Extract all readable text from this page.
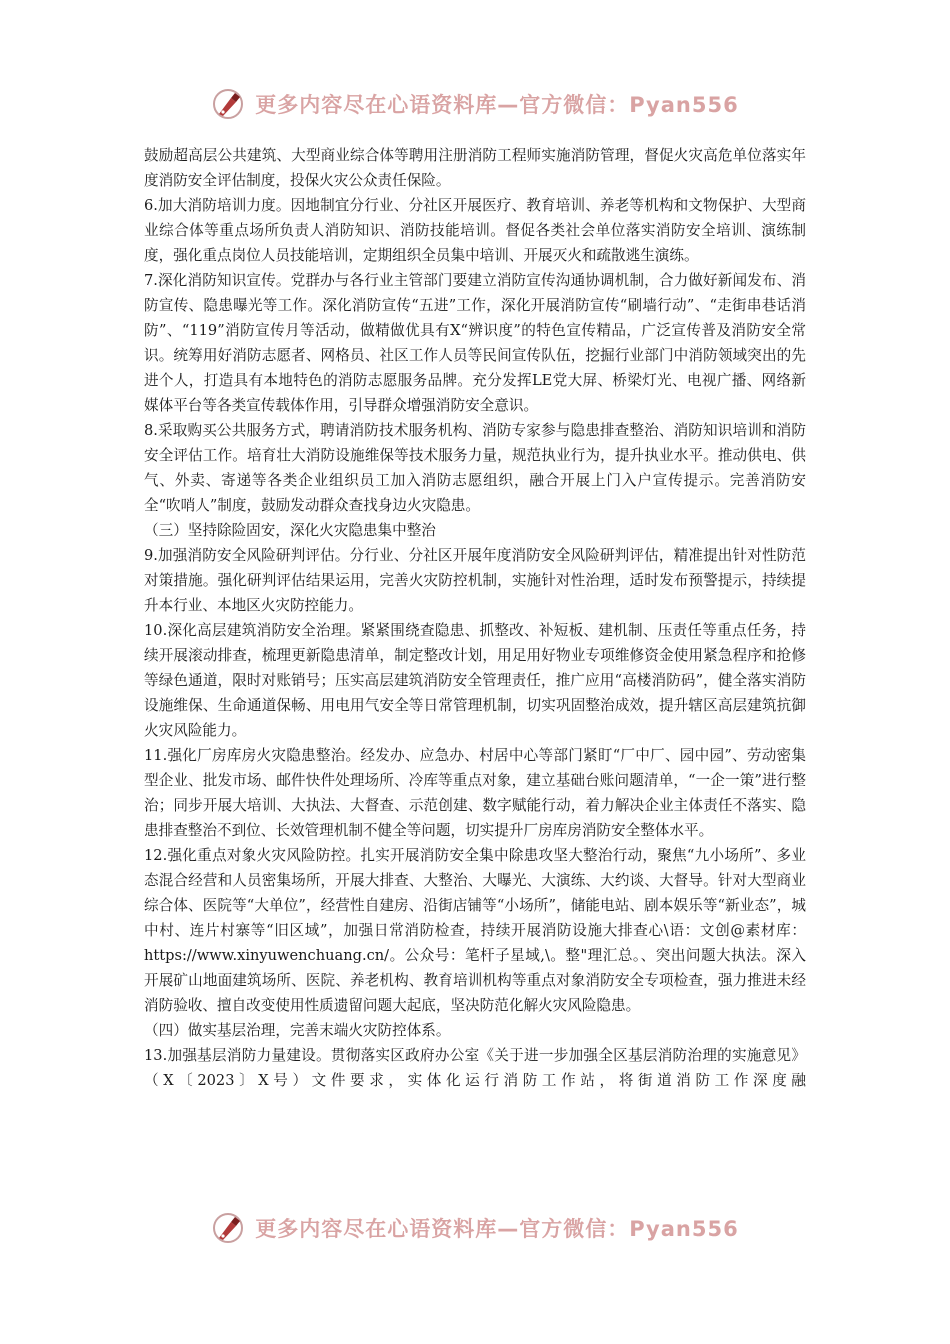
更多内容尽在心语资料库—官方微信：Pyan556

鼓励超高层公共建筑、大型商业综合体等聘用注册消防工程师实施消防管理，督促火灾高危单位落实年度消防安全评估制度，投保火灾公众责任保险。

6.加大消防培训力度。因地制宜分行业、分社区开展医疗、教育培训、养老等机构和文物保护、大型商业综合体等重点场所负责人消防知识、消防技能培训。督促各类社会单位落实消防安全培训、演练制度，强化重点岗位人员技能培训，定期组织全员集中培训、开展灭火和疏散逃生演练。

7.深化消防知识宣传。党群办与各行业主管部门要建立消防宣传沟通协调机制，合力做好新闻发布、消防宣传、隐患曝光等工作。深化消防宣传“五进”工作，深化开展消防宣传“刷墙行动”、“走街串巷话消防”、“119”消防宣传月等活动，做精做优具有X“辨识度”的特色宣传精品，广泛宣传普及消防安全常识。统筹用好消防志愿者、网格员、社区工作人员等民间宣传队伍，挖掘行业部门中消防领域突出的先进个人，打造具有本地特色的消防志愿服务品牌。充分发挥LE党大屏、桥梁灯光、电视广播、网络新媒体平台等各类宣传载体作用，引导群众增强消防安全意识。

8.采取购买公共服务方式，聘请消防技术服务机构、消防专家参与隐患排查整治、消防知识培训和消防安全评估工作。培育壮大消防设施维保等技术服务力量，规范执业行为，提升执业水平。推动供电、供气、外卖、寄递等各类企业组织员工加入消防志愿组织，融合开展上门入户宣传提示。完善消防安全“吹哨人”制度，鼓励发动群众查找身边火灾隐患。

（三）坚持除险固安，深化火灾隐患集中整治

9.加强消防安全风险研判评估。分行业、分社区开展年度消防安全风险研判评估，精准提出针对性防范对策措施。强化研判评估结果运用，完善火灾防控机制，实施针对性治理，适时发布预警提示，持续提升本行业、本地区火灾防控能力。

10.深化高层建筑消防安全治理。紧紧围绕查隐患、抓整改、补短板、建机制、压责任等重点任务，持续开展滚动排查，梳理更新隐患清单，制定整改计划，用足用好物业专项维修资金使用紧急程序和抢修等绿色通道，限时对账销号；压实高层建筑消防安全管理责任，推广应用“高楼消防码”，健全落实消防设施维保、生命通道保畅、用电用气安全等日常管理机制，切实巩固整治成效，提升辖区高层建筑抗御火灾风险能力。

11.强化厂房库房火灾隐患整治。经发办、应急办、村居中心等部门紧盯“厂中厂、园中园”、劳动密集型企业、批发市场、邮件快件处理场所、冷库等重点对象，建立基础台账问题清单，“一企一策”进行整治；同步开展大培训、大执法、大督查、示范创建、数字赋能行动，着力解决企业主体责任不落实、隐患排查整治不到位、长效管理机制不健全等问题，切实提升厂房库房消防安全整体水平。

12.强化重点对象火灾风险防控。扎实开展消防安全集中除患攻坚大整治行动，聚焦“九小场所”、多业态混合经营和人员密集场所，开展大排查、大整治、大曝光、大演练、大约谈、大督导。针对大型商业综合体、医院等“大单位”，经营性自建房、沿街店铺等“小场所”，储能电站、剧本娱乐等“新业态”，城中村、连片村寨等“旧区域”，加强日常消防检查，持续开展消防设施大排查心\语：文创@素材库：https://www.xinyuwenchuang.cn/。公众号：笔杆子星域,\。整"理汇总。、突出问题大执法。深入开展矿山地面建筑场所、医院、养老机构、教育培训机构等重点对象消防安全专项检查，强力推进未经消防验收、擅自改变使用性质遗留问题大起底，坚决防范化解火灾风险隐患。

（四）做实基层治理，完善末端火灾防控体系。

13.加强基层消防力量建设。贯彻落实区政府办公室《关于进一步加强全区基层消防治理的实施意见》（X〔2023〕X号）文件要求，实体化运行消防工作站，将街道消防工作深度融

更多内容尽在心语资料库—官方微信：Pyan556
